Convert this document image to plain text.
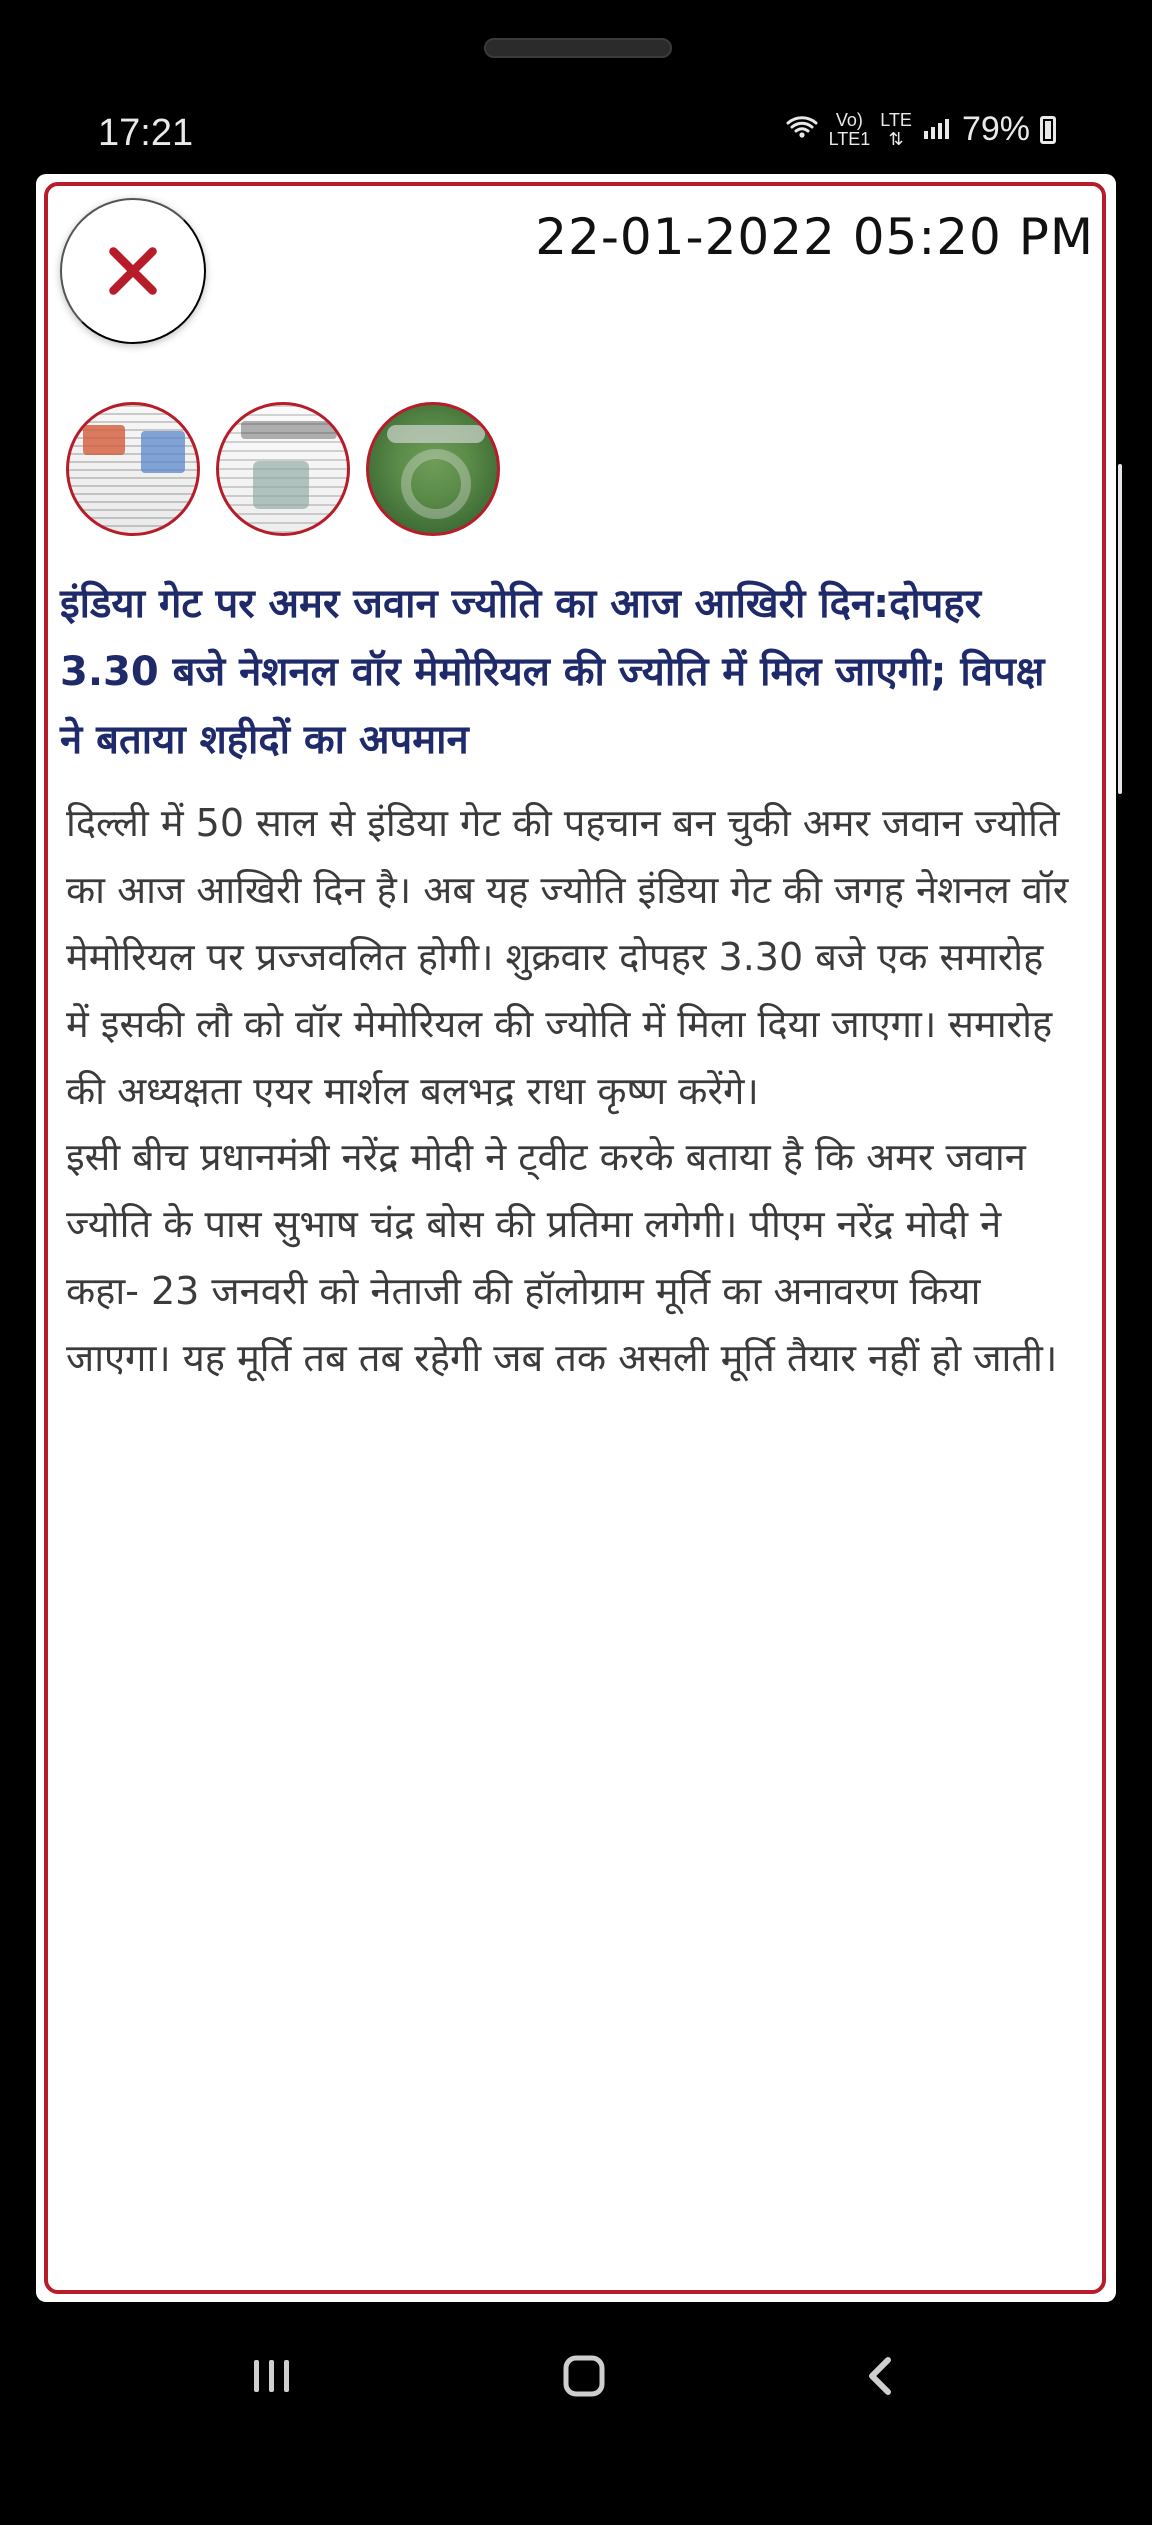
17:21	Vo)
LTE1
LTE
⇅ 79%
22-01-2022 05:20 PM
इंडिया गेट पर अमर जवान ज्योति का आज आखिरी दिन:दोपहर 3.30 बजे नेशनल वॉर मेमोरियल की ज्योति में मिल जाएगी; विपक्ष ने बताया शहीदों का अपमान

दिल्ली में 50 साल से इंडिया गेट की पहचान बन चुकी अमर जवान ज्योति का आज आखिरी दिन है। अब यह ज्योति इंडिया गेट की जगह नेशनल वॉर मेमोरियल पर प्रज्जवलित होगी। शुक्रवार दोपहर 3.30 बजे एक समारोह में इसकी लौ को वॉर मेमोरियल की ज्योति में मिला दिया जाएगा। समारोह की अध्यक्षता एयर मार्शल बलभद्र राधा कृष्ण करेंगे।

इसी बीच प्रधानमंत्री नरेंद्र मोदी ने ट्वीट करके बताया है कि अमर जवान ज्योति के पास सुभाष चंद्र बोस की प्रतिमा लगेगी। पीएम नरेंद्र मोदी ने कहा- 23 जनवरी को नेताजी की हॉलोग्राम मूर्ति का अनावरण किया जाएगा। यह मूर्ति तब तब रहेगी जब तक असली मूर्ति तैयार नहीं हो जाती।
